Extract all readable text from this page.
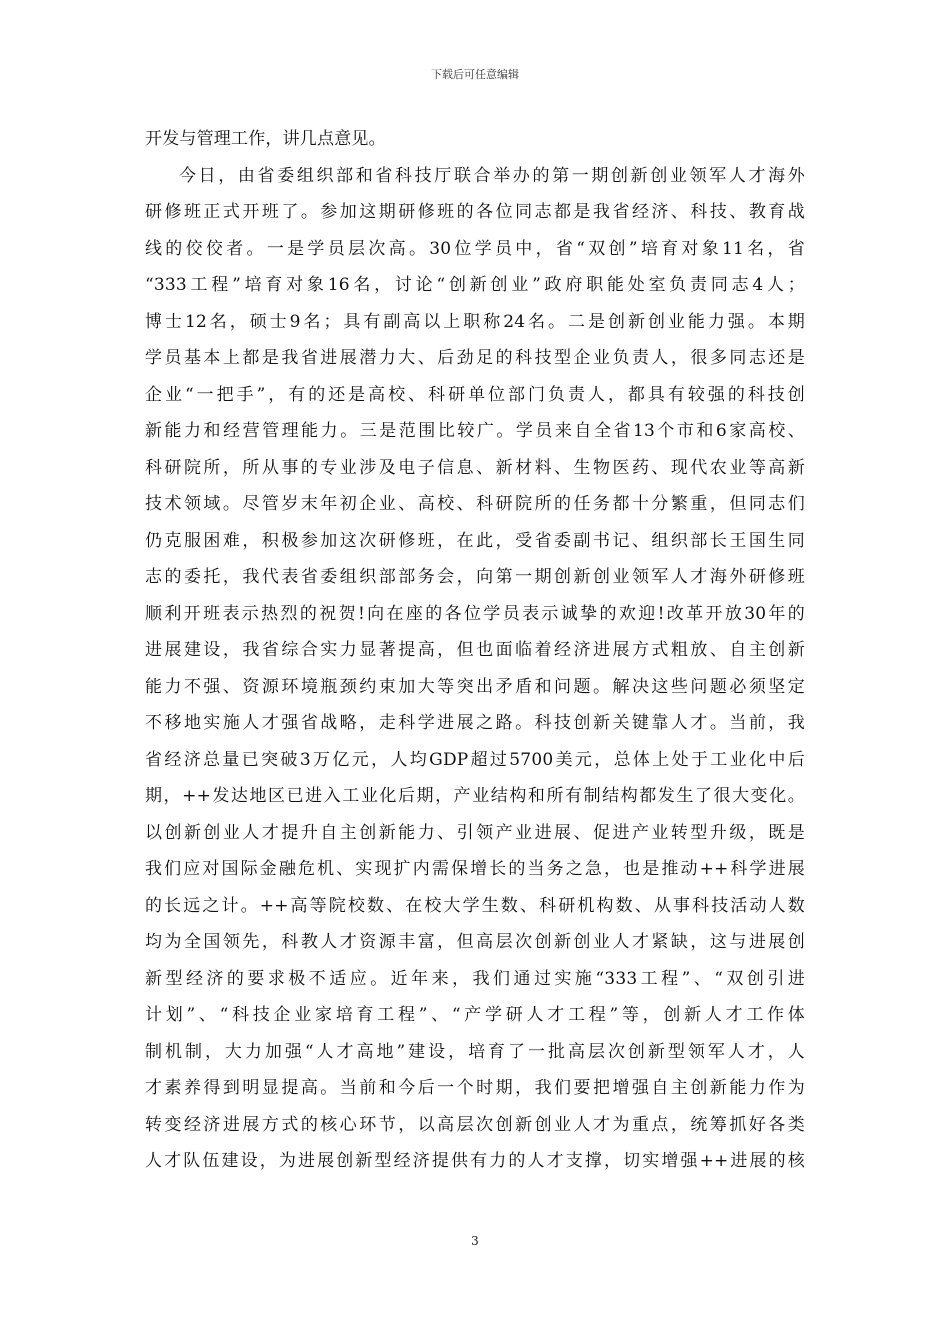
下载后可任意编辑
开发与管理工作，讲几点意见。
今日，由省委组织部和省科技厅联合举办的第一期创新创业领军人才海外
研修班正式开班了。参加这期研修班的各位同志都是我省经济、科技、教育战
线的佼佼者。一是学员层次高。30位学员中，省“双创”培育对象11名，省
“333工程”培育对象16名，讨论“创新创业”政府职能处室负责同志4人；
博士12名，硕士9名；具有副高以上职称24名。二是创新创业能力强。本期
学员基本上都是我省进展潜力大、后劲足的科技型企业负责人，很多同志还是
企业“一把手”，有的还是高校、科研单位部门负责人，都具有较强的科技创
新能力和经营管理能力。三是范围比较广。学员来自全省13个市和6家高校、
科研院所，所从事的专业涉及电子信息、新材料、生物医药、现代农业等高新
技术领域。尽管岁末年初企业、高校、科研院所的任务都十分繁重，但同志们
仍克服困难，积极参加这次研修班，在此，受省委副书记、组织部长王国生同
志的委托，我代表省委组织部部务会，向第一期创新创业领军人才海外研修班
顺利开班表示热烈的祝贺!向在座的各位学员表示诚挚的欢迎!改革开放30年的
进展建设，我省综合实力显著提高，但也面临着经济进展方式粗放、自主创新
能力不强、资源环境瓶颈约束加大等突出矛盾和问题。解决这些问题必须坚定
不移地实施人才强省战略，走科学进展之路。科技创新关键靠人才。当前，我
省经济总量已突破3万亿元，人均GDP超过5700美元，总体上处于工业化中后
期，++发达地区已进入工业化后期，产业结构和所有制结构都发生了很大变化。
以创新创业人才提升自主创新能力、引领产业进展、促进产业转型升级，既是
我们应对国际金融危机、实现扩内需保增长的当务之急，也是推动++科学进展
的长远之计。++高等院校数、在校大学生数、科研机构数、从事科技活动人数
均为全国领先，科教人才资源丰富，但高层次创新创业人才紧缺，这与进展创
新型经济的要求极不适应。近年来，我们通过实施“333工程”、“双创引进
计划”、“科技企业家培育工程”、“产学研人才工程”等，创新人才工作体
制机制，大力加强“人才高地”建设，培育了一批高层次创新型领军人才，人
才素养得到明显提高。当前和今后一个时期，我们要把增强自主创新能力作为
转变经济进展方式的核心环节，以高层次创新创业人才为重点，统筹抓好各类
人才队伍建设，为进展创新型经济提供有力的人才支撑，切实增强++进展的核
3
